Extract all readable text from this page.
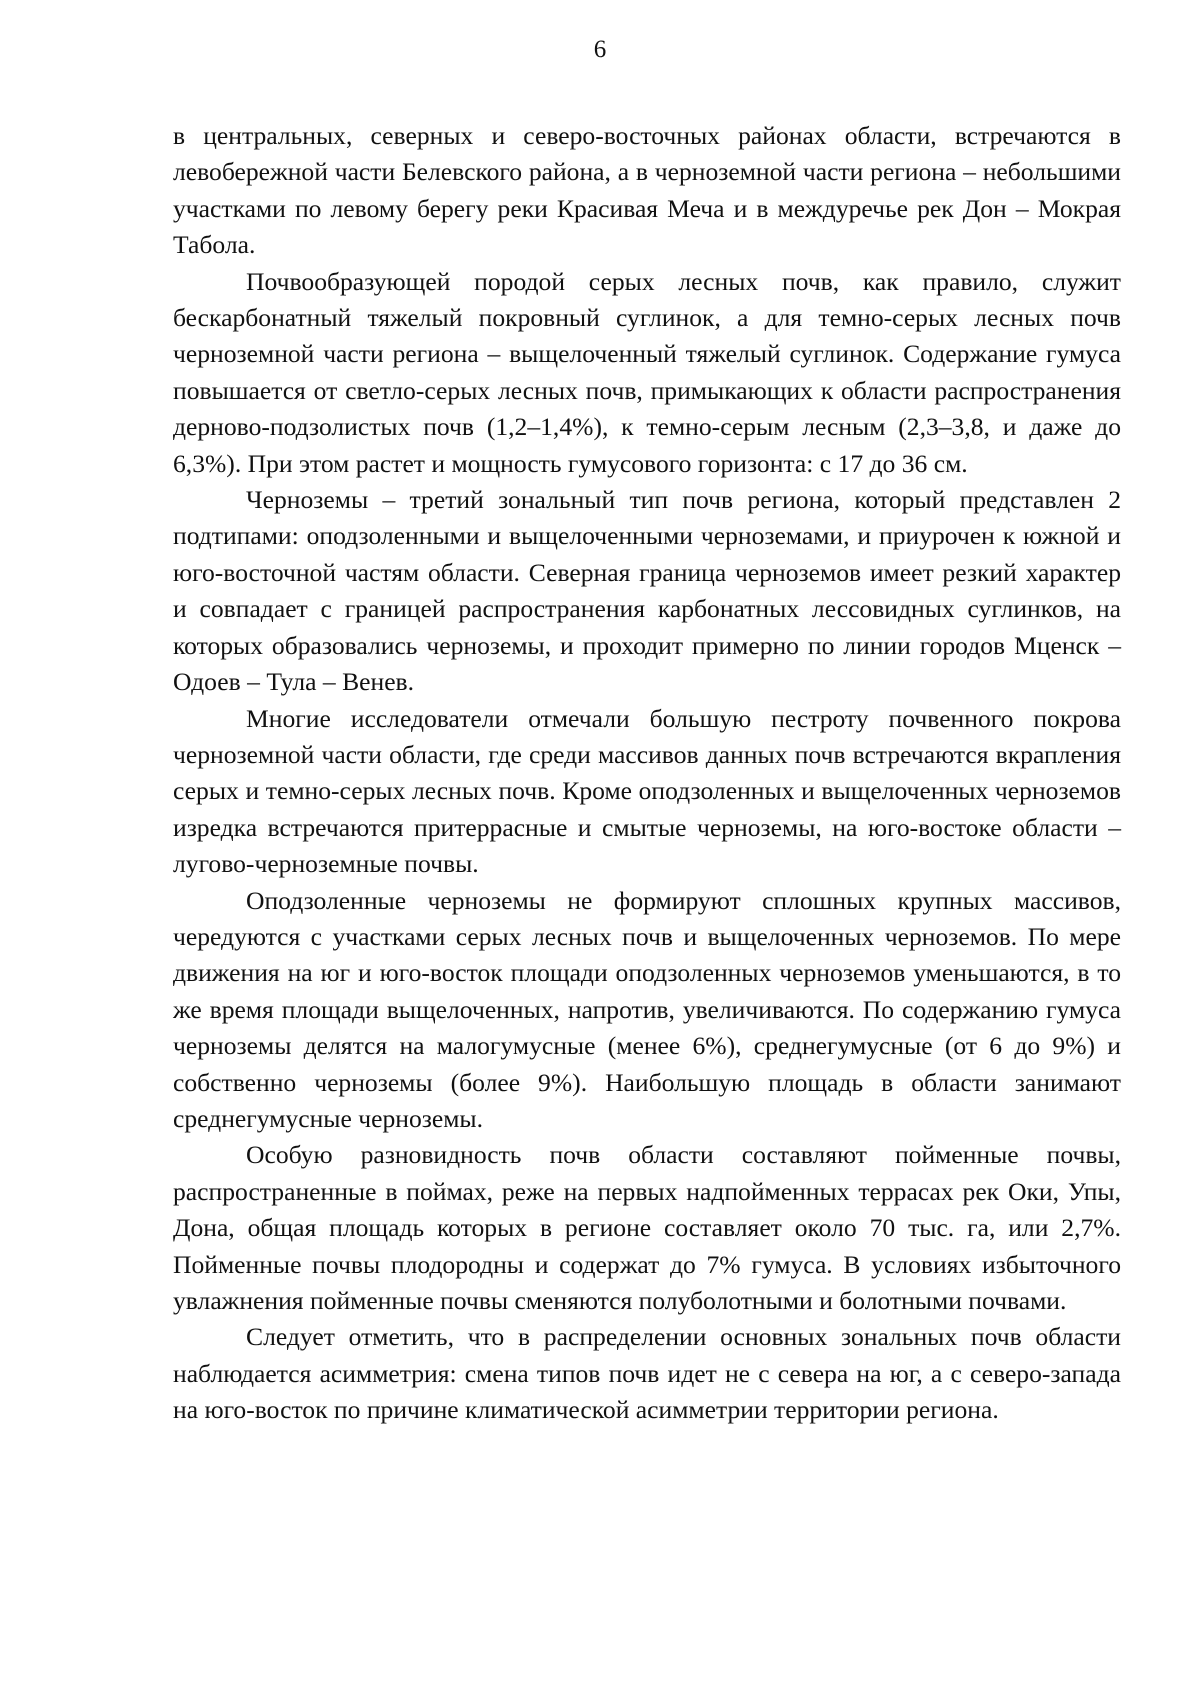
6

в центральных, северных и северо-восточных районах области, встречаются в левобережной части Белевского района, а в черноземной части региона – небольшими участками по левому берегу реки Красивая Меча и в междуречье рек Дон – Мокрая Табола.

Почвообразующей породой серых лесных почв, как правило, служит бескарбонатный тяжелый покровный суглинок, а для темно-серых лесных почв черноземной части региона – выщелоченный тяжелый суглинок. Содержание гумуса повышается от светло-серых лесных почв, примыкающих к области распространения дерново-подзолистых почв (1,2–1,4%), к темно-серым лесным (2,3–3,8, и даже до 6,3%). При этом растет и мощность гумусового горизонта: с 17 до 36 см.

Черноземы – третий зональный тип почв региона, который представлен 2 подтипами: оподзоленными и выщелоченными черноземами, и приурочен к южной и юго-восточной частям области. Северная граница черноземов имеет резкий характер и совпадает с границей распространения карбонатных лессовидных суглинков, на которых образовались черноземы, и проходит примерно по линии городов Мценск – Одоев – Тула – Венев.

Многие исследователи отмечали большую пестроту почвенного покрова черноземной части области, где среди массивов данных почв встречаются вкрапления серых и темно-серых лесных почв. Кроме оподзоленных и выщелоченных черноземов изредка встречаются притеррасные и смытые черноземы, на юго-востоке области – лугово-черноземные почвы.

Оподзоленные черноземы не формируют сплошных крупных массивов, чередуются с участками серых лесных почв и выщелоченных черноземов. По мере движения на юг и юго-восток площади оподзоленных черноземов уменьшаются, в то же время площади выщелоченных, напротив, увеличиваются. По содержанию гумуса черноземы делятся на малогумусные (менее 6%), среднегумусные (от 6 до 9%) и собственно черноземы (более 9%). Наибольшую площадь в области занимают среднегумусные черноземы.

Особую разновидность почв области составляют пойменные почвы, распространенные в поймах, реже на первых надпойменных террасах рек Оки, Упы, Дона, общая площадь которых в регионе составляет около 70 тыс. га, или 2,7%. Пойменные почвы плодородны и содержат до 7% гумуса. В условиях избыточного увлажнения пойменные почвы сменяются полуболотными и болотными почвами.

Следует отметить, что в распределении основных зональных почв области наблюдается асимметрия: смена типов почв идет не с севера на юг, а с северо-запада на юго-восток по причине климатической асимметрии территории региона.
